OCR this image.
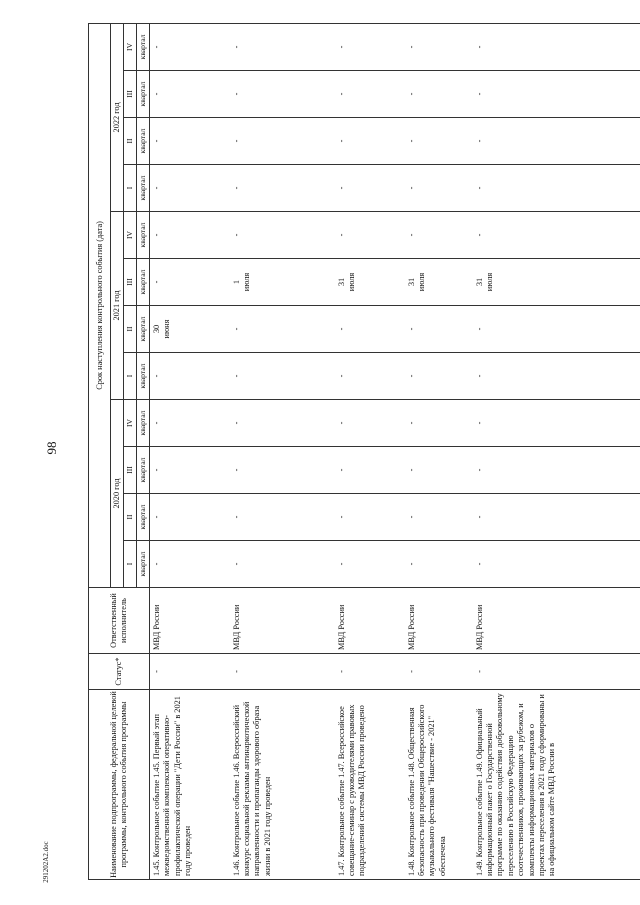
98
291202A2.doc	Наименование подпрограммы, федеральной целевой программы, контрольного события программы	Статус*	Ответственный исполнитель	Срок наступления контрольного события (дата)											
			2020 год				2021 год				2022 год			
			I	II	III	IV	I	II	III	IV	I	II	III	IV
			квартал	квартал	квартал	квартал	квартал	квартал	квартал	квартал	квартал	квартал	квартал	квартал
1.45. Контрольное событие 1.45. Первый этап межведомственной комплексной оперативно-профилактической операции "Дети России" в 2021 году проведен	-	МВД России	-	-	-	-	-	30 июня	-	-	-	-	-	-
1.46. Контрольное событие 1.46. Всероссийский конкурс социальной рекламы антинаркотической направленности и пропаганды здорового образа жизни в 2021 году проведен	-	МВД России	-	-	-	-	-	-	1 июля	-	-	-	-	-
1.47. Контрольное событие 1.47. Всероссийское совещание-семинар с руководителями правовых подразделений системы МВД России проведено	-	МВД России	-	-	-	-	-	-	31 июля	-	-	-	-	-
1.48. Контрольное событие 1.48. Общественная безопасность при проведении Общероссийского музыкального фестиваля "Нашествие - 2021" обеспечена	-	МВД России	-	-	-	-	-	-	31 июля	-	-	-	-	-
1.49. Контрольное событие 1.49. Официальный информационный пакет о Государственной программе по оказанию содействия добровольному переселению в Российскую Федерацию соотечественников, проживающих за рубежом, и комплекты информационных материалов о проектах переселения в 2021 году сформированы и на официальном сайте МВД России в	-	МВД России	-	-	-	-	-	-	31 июля	-	-	-	-	-
